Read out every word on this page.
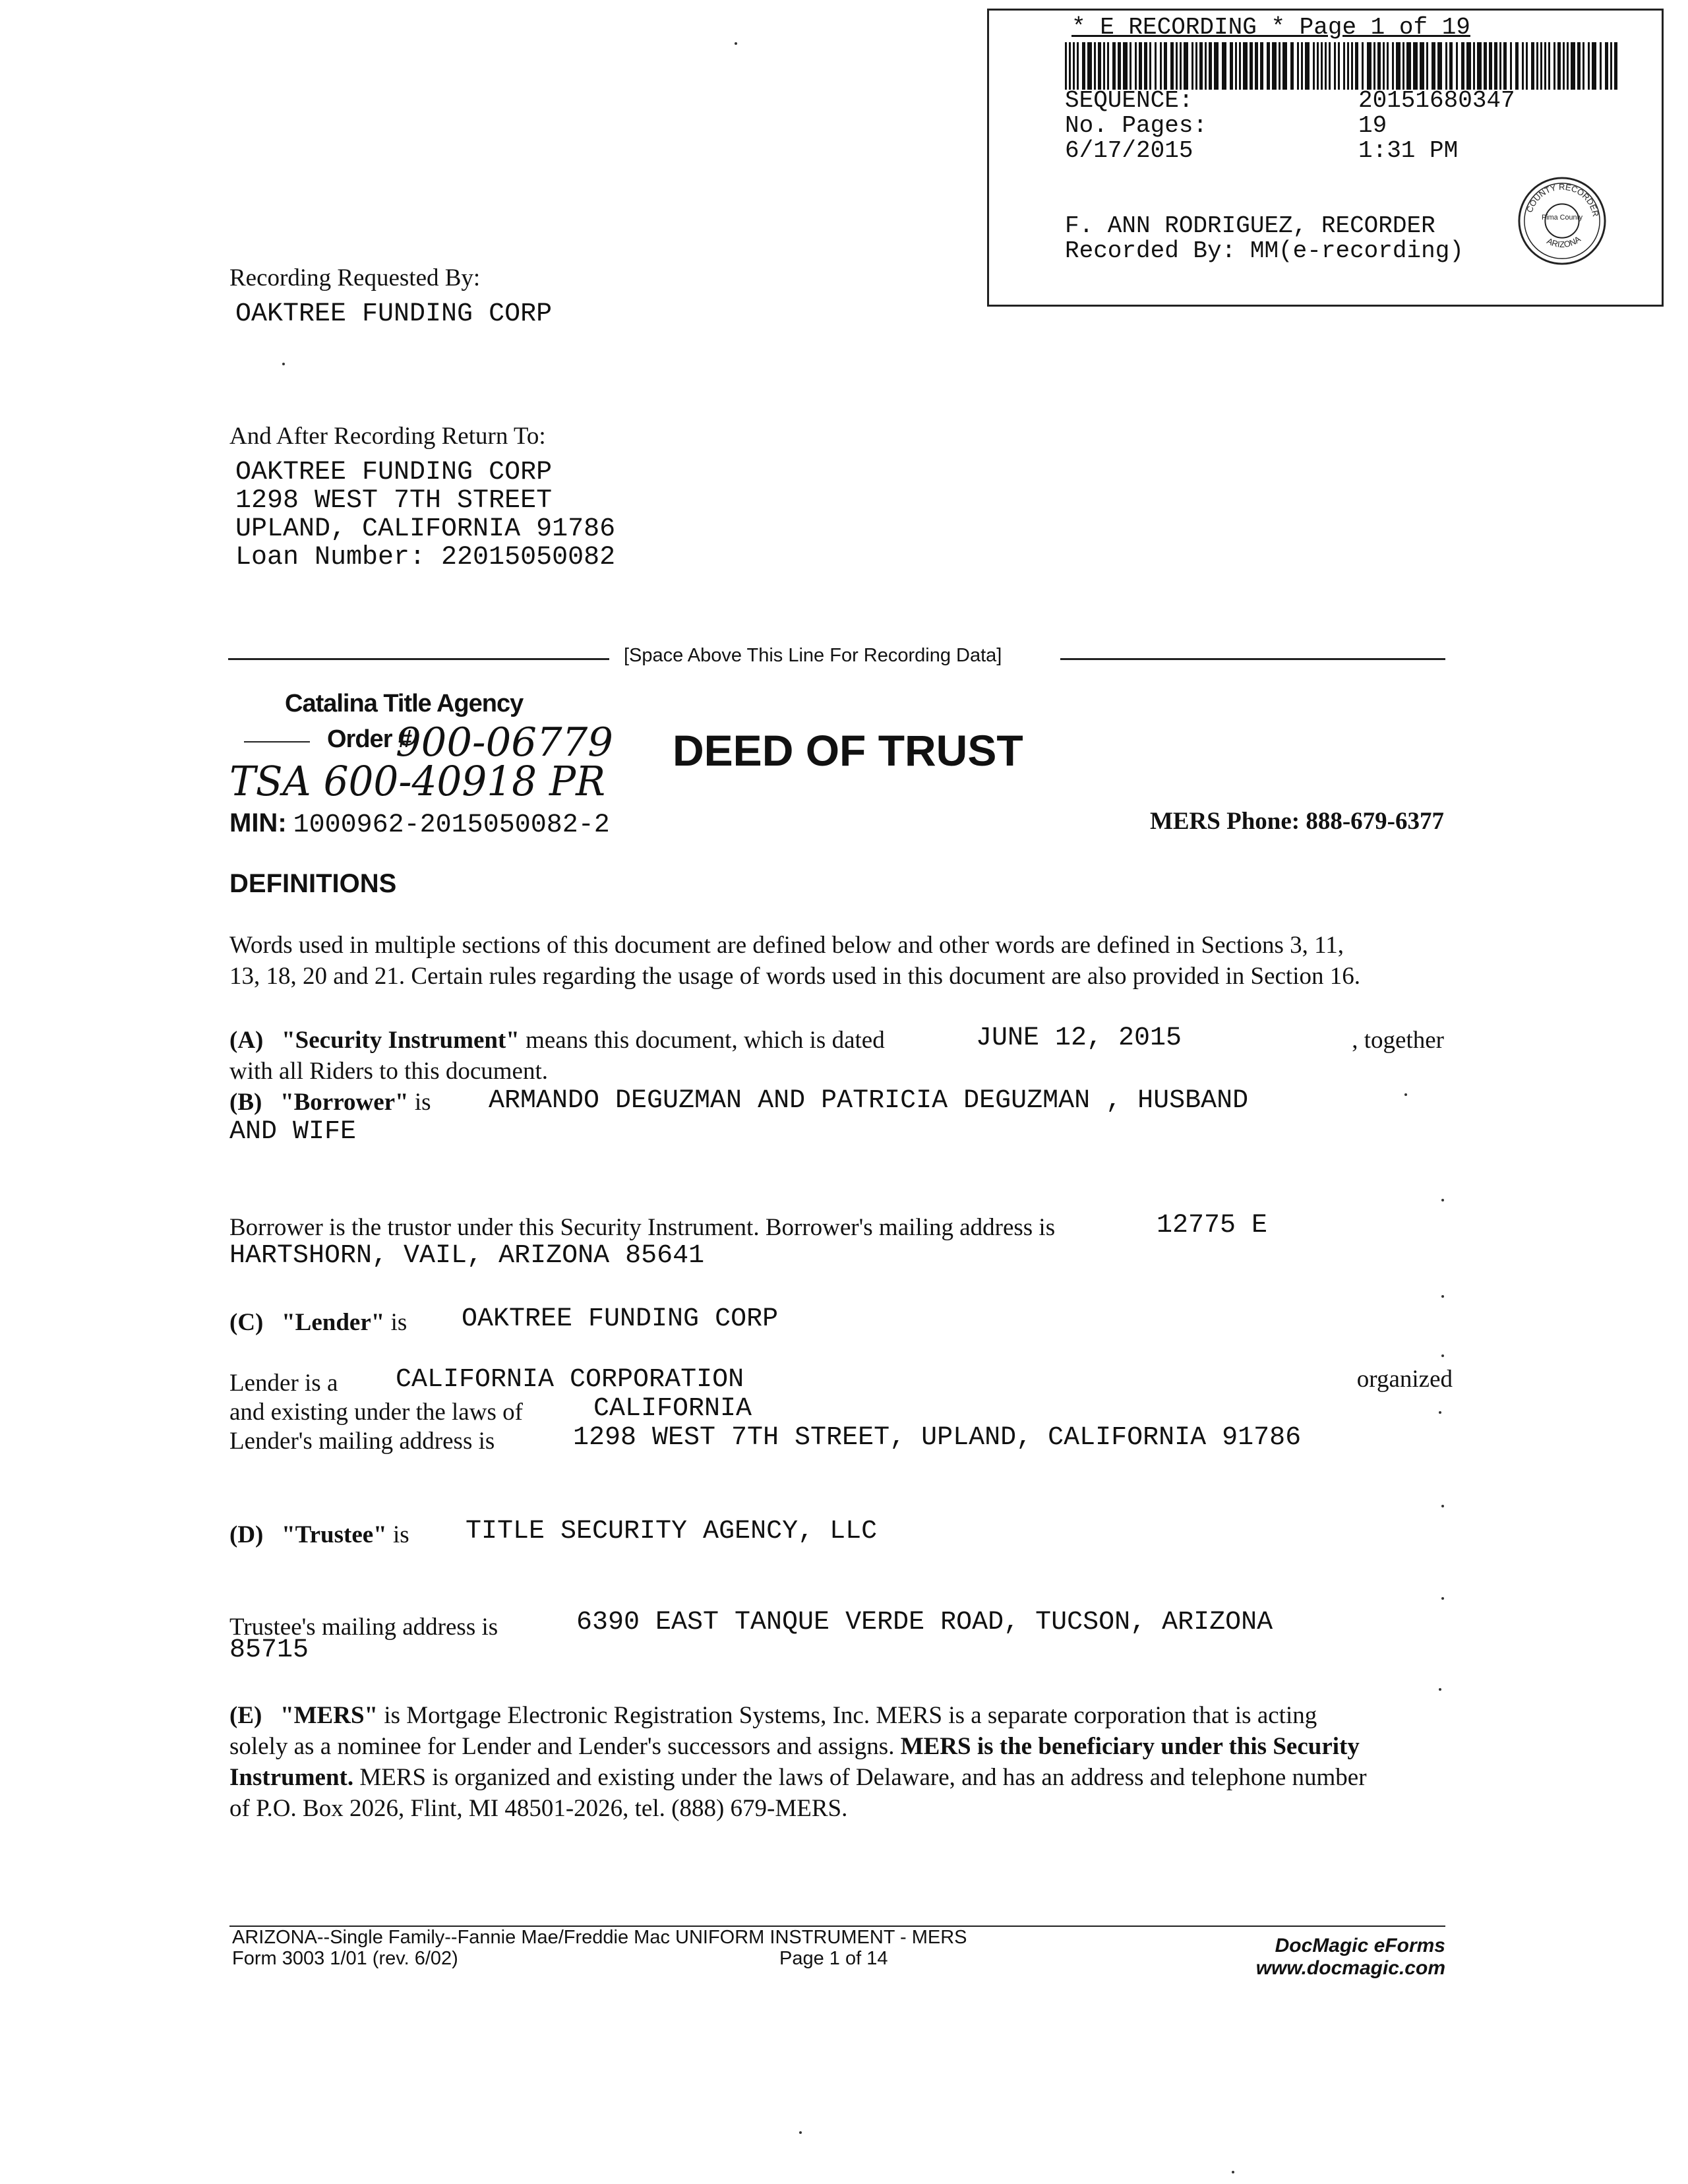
* E RECORDING * Page 1 of 19
SEQUENCE:	20151680347
No. Pages:	19
6/17/2015	1:31 PM
F. ANN RODRIGUEZ, RECORDER
Recorded By: MM(e-recording)
COUNTY RECORDER
Pima County
ARIZONA
Recording Requested By:
OAKTREE FUNDING CORP
And After Recording Return To:
OAKTREE FUNDING CORP
1298 WEST 7TH STREET
UPLAND, CALIFORNIA 91786
Loan Number: 22015050082
[Space Above This Line For Recording Data]
Catalina Title Agency
Order #
900-06779
TSA 600-40918 PR
DEED OF TRUST
MIN: 1000962-2015050082-2	MERS Phone: 888-679-6377
DEFINITIONS
Words used in multiple sections of this document are defined below and other words are defined in Sections 3, 11,
13, 18, 20 and 21. Certain rules regarding the usage of words used in this document are also provided in Section 16.
(A) "Security Instrument" means this document, which is dated	JUNE 12, 2015	, together
with all Riders to this document.
(B) "Borrower" is ARMANDO DEGUZMAN AND PATRICIA DEGUZMAN , HUSBAND
AND WIFE
Borrower is the trustor under this Security Instrument. Borrower's mailing address is	12775 E
HARTSHORN, VAIL, ARIZONA 85641
(C) "Lender" is OAKTREE FUNDING CORP
Lender is a CALIFORNIA CORPORATION	organized
and existing under the laws of	CALIFORNIA
Lender's mailing address is	1298 WEST 7TH STREET, UPLAND, CALIFORNIA 91786
(D) "Trustee" is TITLE SECURITY AGENCY, LLC
Trustee's mailing address is	6390 EAST TANQUE VERDE ROAD, TUCSON, ARIZONA
85715
(E) "MERS" is Mortgage Electronic Registration Systems, Inc. MERS is a separate corporation that is acting
solely as a nominee for Lender and Lender's successors and assigns. MERS is the beneficiary under this Security
Instrument. MERS is organized and existing under the laws of Delaware, and has an address and telephone number
of P.O. Box 2026, Flint, MI 48501-2026, tel. (888) 679-MERS.
ARIZONA--Single Family--Fannie Mae/Freddie Mac UNIFORM INSTRUMENT - MERS
Form 3003 1/01 (rev. 6/02)	Page 1 of 14
DocMagic eForms
www.docmagic.com
